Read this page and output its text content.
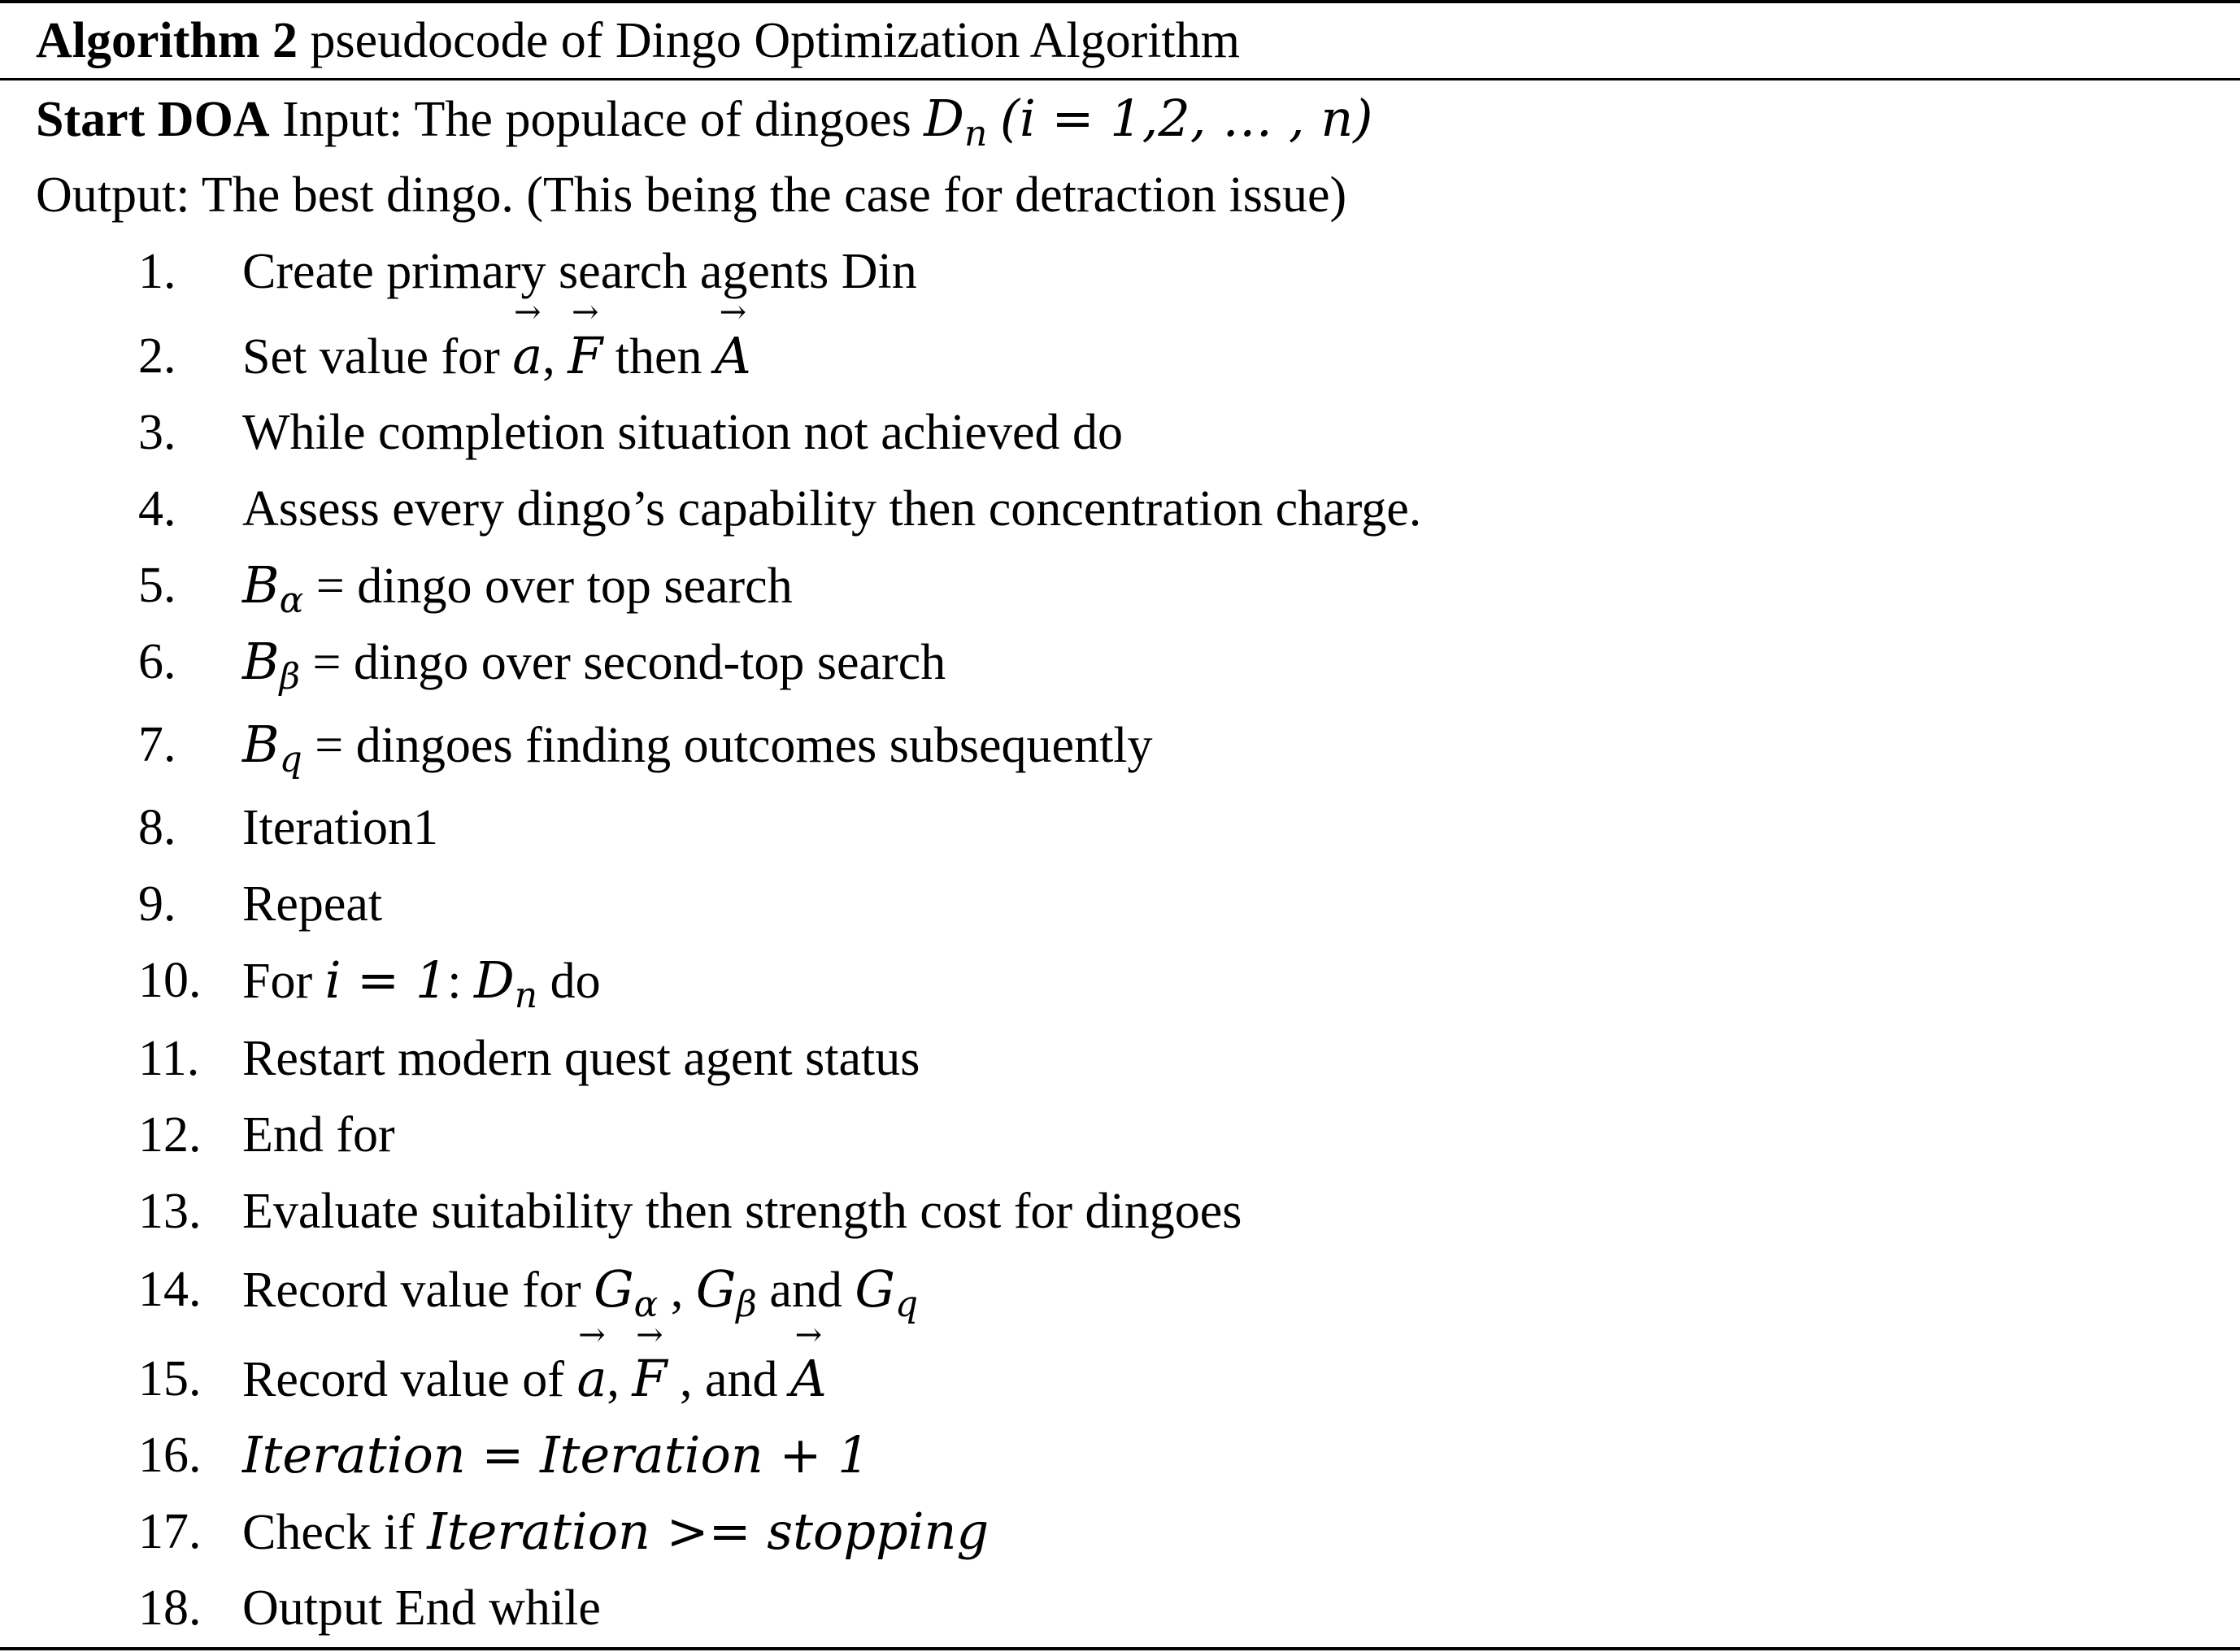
Algorithm 2 pseudocode of Dingo Optimization Algorithm
Start DOA Input: The populace of dingoes $D_n$ (i = 1,2, … , n)
Output: The best dingo. (This being the case for detraction issue)
1. Create primary search agents Din
2. Set value for → a, → F then → A
3. While completion situation not achieved do
4. Assess every dingo’s capability then concentration charge.
5. $B_\alpha$ = dingo over top search
6. $B_\beta$ = dingo over second-top search
7. $B_q$ = dingoes finding outcomes subsequently
8. Iteration1
9. Repeat
10. For i = 1: $D_n$ do
11. Restart modern quest agent status
12. End for
13. Evaluate suitability then strength cost for dingoes
14. Record value for $G_\alpha$ , $G_\beta$ and $G_q$
15. Record value of → a, → F , and → A
16. Iteration = Iteration + 1
17. Check if Iteration >= stopping
18. Output End while
